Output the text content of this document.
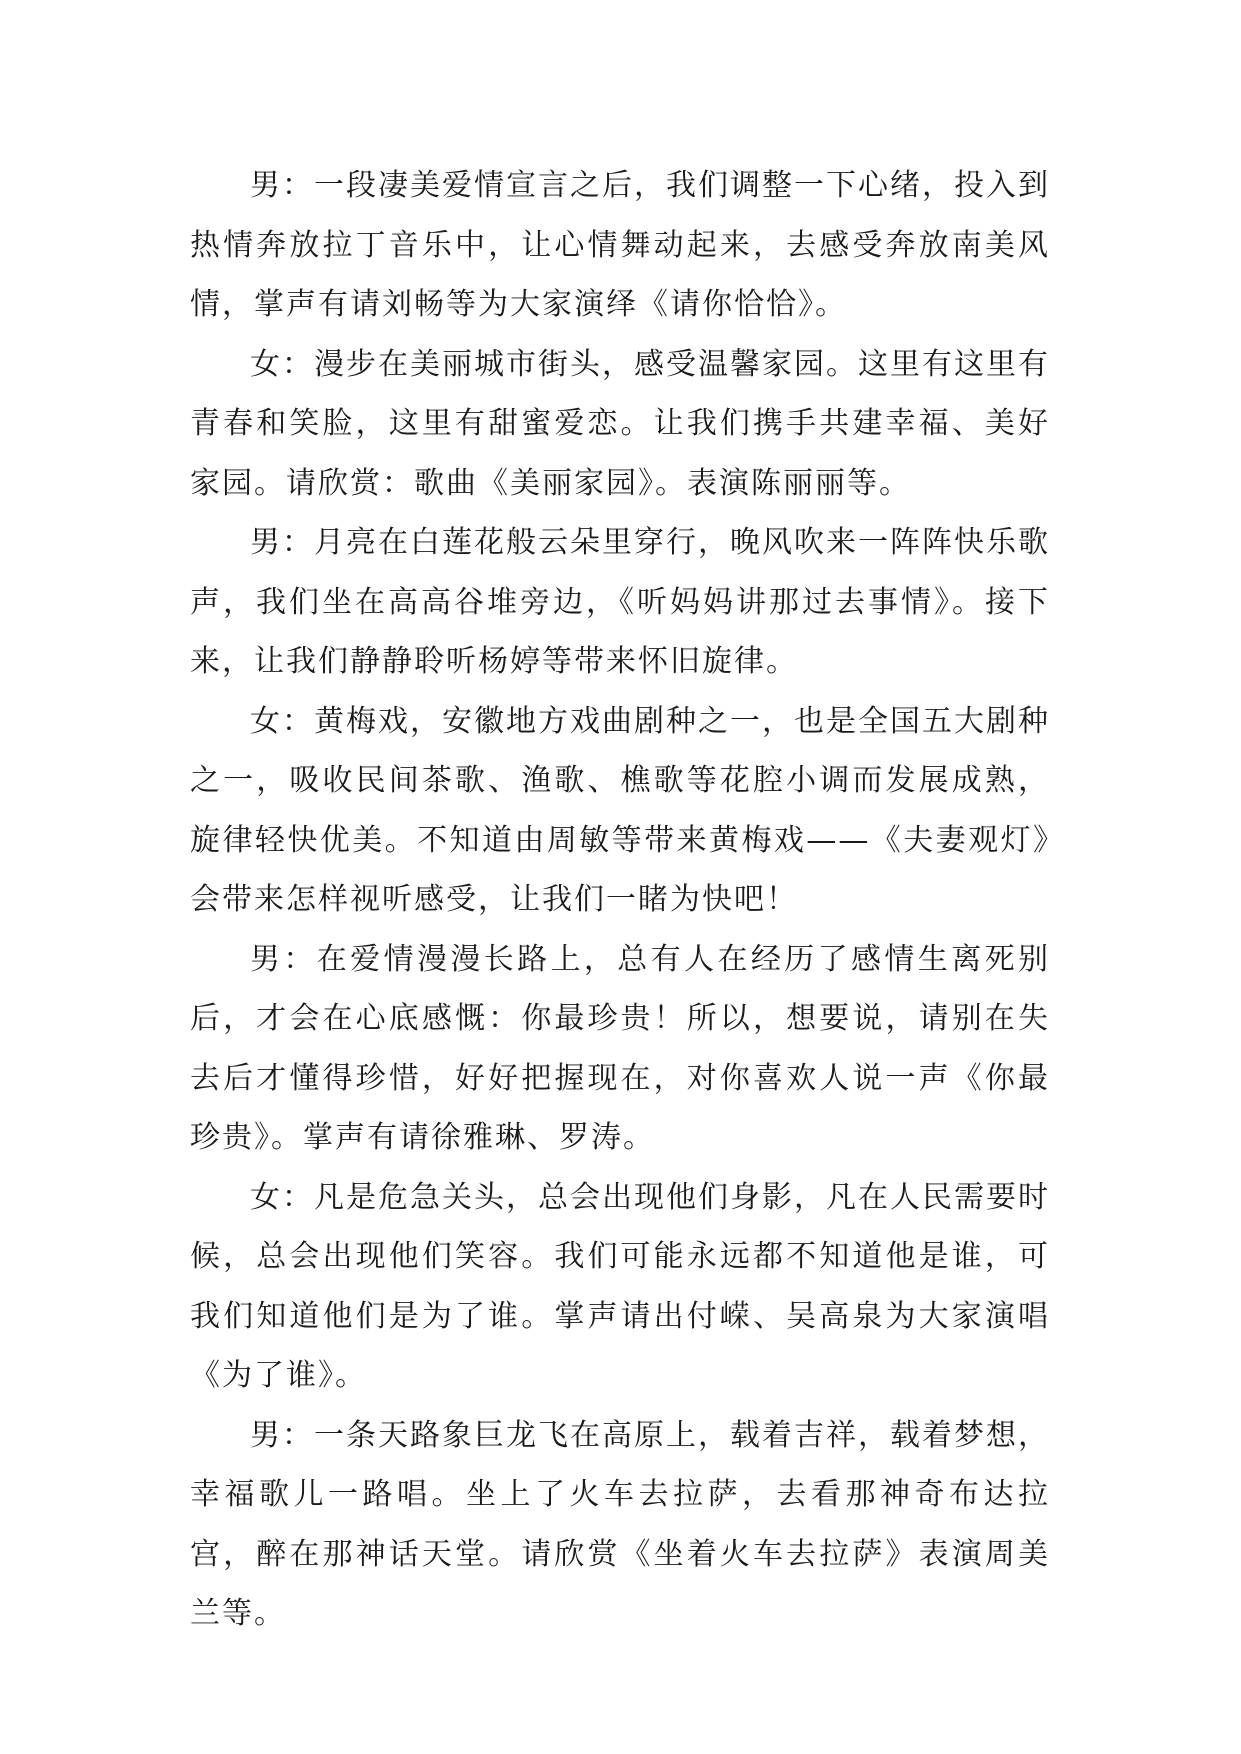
男：一段凄美爱情宣言之后，我们调整一下心绪，投入到热情奔放拉丁音乐中，让心情舞动起来，去感受奔放南美风情，掌声有请刘畅等为大家演绎《请你恰恰》。

女：漫步在美丽城市街头，感受温馨家园。这里有这里有青春和笑脸，这里有甜蜜爱恋。让我们携手共建幸福、美好家园。请欣赏：歌曲《美丽家园》。表演陈丽丽等。

男：月亮在白莲花般云朵里穿行，晚风吹来一阵阵快乐歌声，我们坐在高高谷堆旁边，《听妈妈讲那过去事情》。接下来，让我们静静聆听杨婷等带来怀旧旋律。

女：黄梅戏，安徽地方戏曲剧种之一，也是全国五大剧种之一，吸收民间茶歌、渔歌、樵歌等花腔小调而发展成熟，旋律轻快优美。不知道由周敏等带来黄梅戏——《夫妻观灯》会带来怎样视听感受，让我们一睹为快吧！

男：在爱情漫漫长路上，总有人在经历了感情生离死别后，才会在心底感慨：你最珍贵！所以，想要说，请别在失去后才懂得珍惜，好好把握现在，对你喜欢人说一声《你最珍贵》。掌声有请徐雅琳、罗涛。

女：凡是危急关头，总会出现他们身影，凡在人民需要时候，总会出现他们笑容。我们可能永远都不知道他是谁，可我们知道他们是为了谁。掌声请出付嵘、吴高泉为大家演唱《为了谁》。

男：一条天路象巨龙飞在高原上，载着吉祥，载着梦想，幸福歌儿一路唱。坐上了火车去拉萨，去看那神奇布达拉宫，醉在那神话天堂。请欣赏《坐着火车去拉萨》表演周美兰等。
